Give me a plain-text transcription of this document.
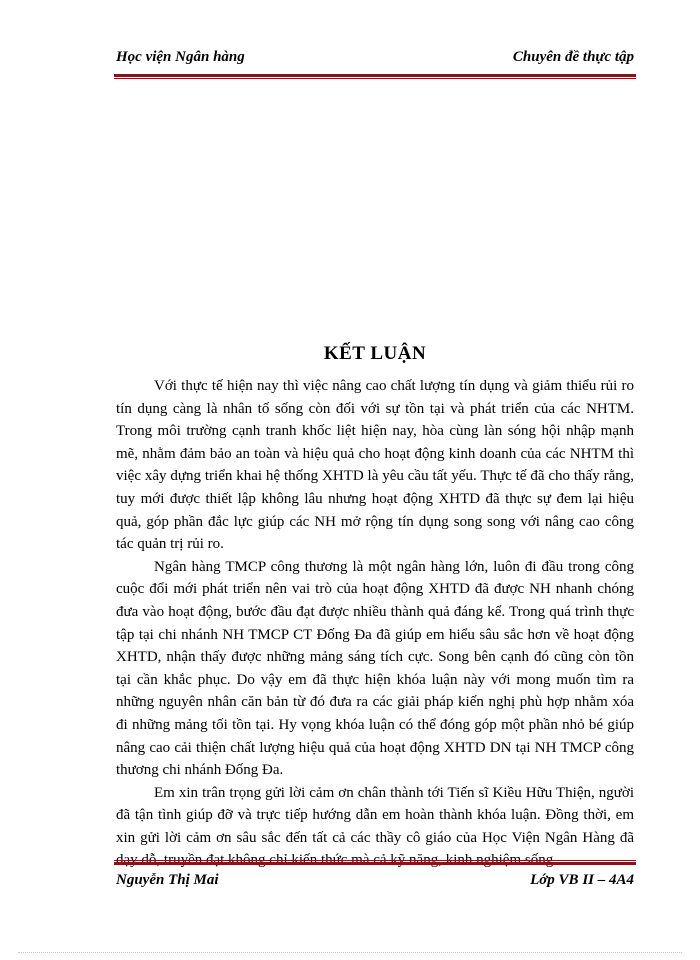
Học viện Ngân hàng	Chuyên đề thực tập
KẾT LUẬN

Với thực tế hiện nay thì việc nâng cao chất lượng tín dụng và giảm thiểu rủi ro tín dụng càng là nhân tố sống còn đối với sự tồn tại và phát triển của các NHTM. Trong môi trường cạnh tranh khốc liệt hiện nay, hòa cùng làn sóng hội nhập mạnh mẽ, nhằm đảm bảo an toàn và hiệu quả cho hoạt động kinh doanh của các NHTM thì việc xây dựng triển khai hệ thống XHTD là yêu cầu tất yếu. Thực tế đã cho thấy rằng, tuy mới được thiết lập không lâu nhưng hoạt động XHTD đã thực sự đem lại hiệu quả, góp phần đắc lực giúp các NH mở rộng tín dụng song song với nâng cao công tác quản trị rủi ro.

Ngân hàng TMCP công thương là một ngân hàng lớn, luôn đi đầu trong công cuộc đổi mới phát triển nên vai trò của hoạt động XHTD đã được NH nhanh chóng đưa vào hoạt động, bước đầu đạt được nhiều thành quả đáng kể. Trong quá trình thực tập tại chi nhánh NH TMCP CT Đống Đa đã giúp em hiểu sâu sắc hơn về hoạt động XHTD, nhận thấy được những mảng sáng tích cực. Song bên cạnh đó cũng còn tồn tại cần khắc phục. Do vậy em đã thực hiện khóa luận này với mong muốn tìm ra những nguyên nhân căn bản từ đó đưa ra các giải pháp kiến nghị phù hợp nhằm xóa đi những mảng tối tồn tại. Hy vọng khóa luận có thể đóng góp một phần nhỏ bé giúp nâng cao cải thiện chất lượng hiệu quả của hoạt động XHTD DN tại NH TMCP công thương chi nhánh Đống Đa.

Em xin trân trọng gửi lời cảm ơn chân thành tới Tiến sĩ Kiều Hữu Thiện, người đã tận tình giúp đỡ và trực tiếp hướng dẫn em hoàn thành khóa luận. Đồng thời, em xin gửi lời cảm ơn sâu sắc đến tất cả các thầy cô giáo của Học Viện Ngân Hàng đã

Nguyễn Thị Mai	Lớp VB II – 4A4
